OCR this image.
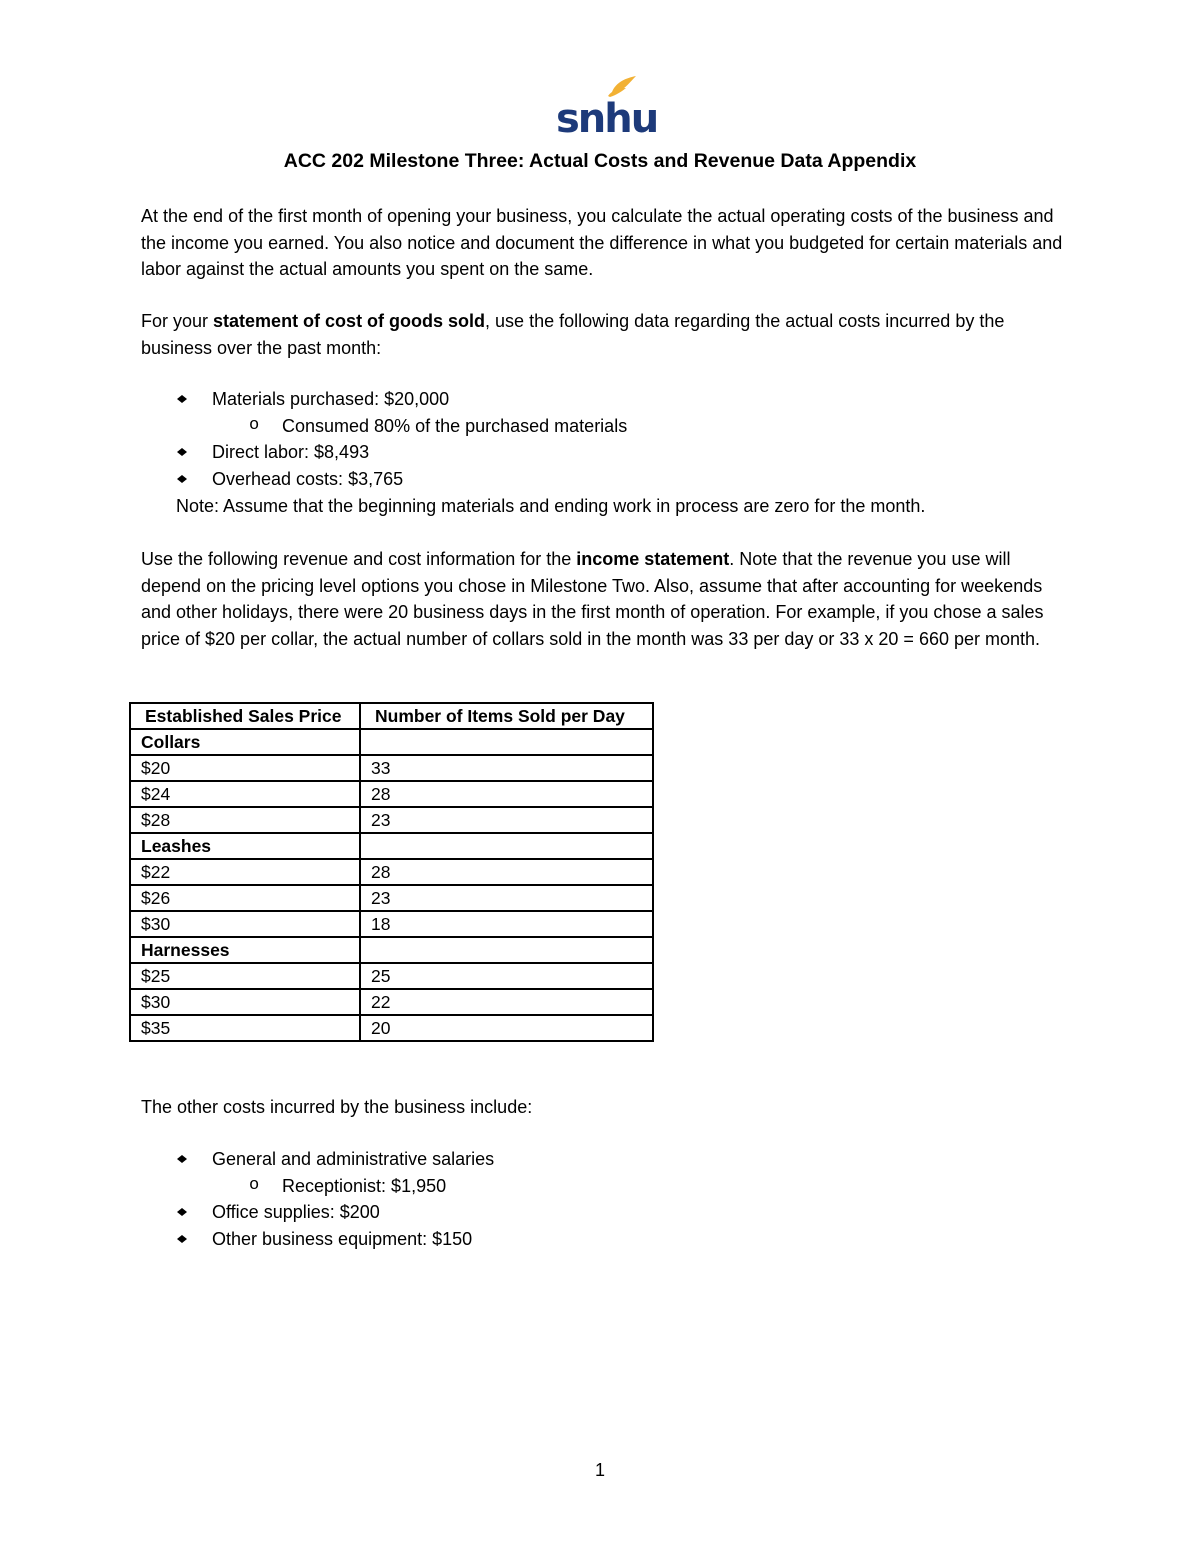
snhu
ACC 202 Milestone Three: Actual Costs and Revenue Data Appendix

At the end of the first month of opening your business, you calculate the actual operating costs of the business and the income you earned. You also notice and document the difference in what you budgeted for certain materials and labor against the actual amounts you spent on the same.

For your statement of cost of goods sold, use the following data regarding the actual costs incurred by the business over the past month:

Materials purchased: $20,000
o Consumed 80% of the purchased materials
Direct labor: $8,493
Overhead costs: $3,765
Note: Assume that the beginning materials and ending work in process are zero for the month.

Use the following revenue and cost information for the income statement. Note that the revenue you use will depend on the pricing level options you chose in Milestone Two. Also, assume that after accounting for weekends and other holidays, there were 20 business days in the first month of operation. For example, if you chose a sales price of $20 per collar, the actual number of collars sold in the month was 33 per day or 33 x 20 = 660 per month.

Established Sales Price	Number of Items Sold per Day
Collars	
$20	33
$24	28
$28	23
Leashes	
$22	28
$26	23
$30	18
Harnesses	
$25	25
$30	22
$35	20

The other costs incurred by the business include:

General and administrative salaries
o Receptionist: $1,950
Office supplies: $200
Other business equipment: $150
1
